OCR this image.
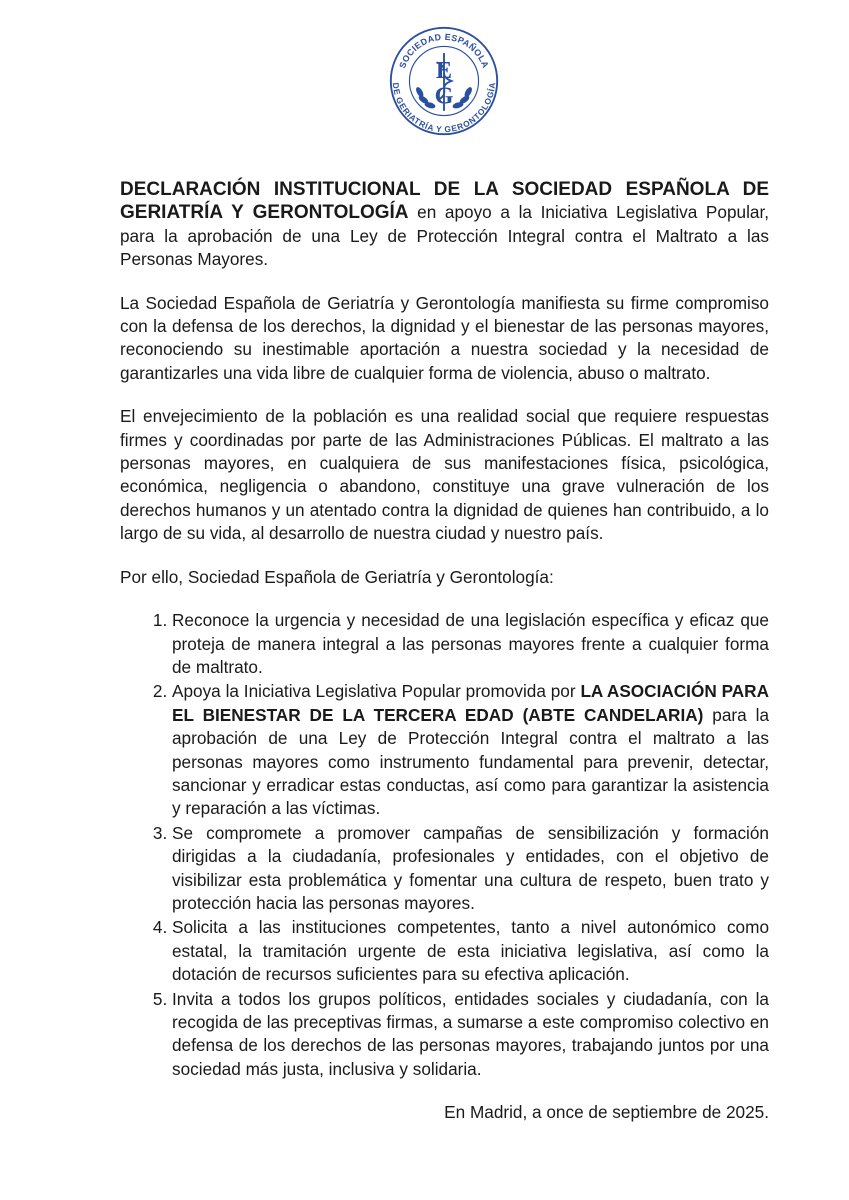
SOCIEDAD ESPAÑOLA
DE GERIATRÍA Y GERONTOLOGÍA
E
G

DECLARACIÓN INSTITUCIONAL DE LA SOCIEDAD ESPAÑOLA DE GERIATRÍA Y GERONTOLOGÍA en apoyo a la Iniciativa Legislativa Popular, para la aprobación de una Ley de Protección Integral contra el Maltrato a las Personas Mayores.

La Sociedad Española de Geriatría y Gerontología manifiesta su firme compromiso con la defensa de los derechos, la dignidad y el bienestar de las personas mayores, reconociendo su inestimable aportación a nuestra sociedad y la necesidad de garantizarles una vida libre de cualquier forma de violencia, abuso o maltrato.

El envejecimiento de la población es una realidad social que requiere respuestas firmes y coordinadas por parte de las Administraciones Públicas. El maltrato a las personas mayores, en cualquiera de sus manifestaciones física, psicológica, económica, negligencia o abandono, constituye una grave vulneración de los derechos humanos y un atentado contra la dignidad de quienes han contribuido, a lo largo de su vida, al desarrollo de nuestra ciudad y nuestro país.

Por ello, Sociedad Española de Geriatría y Gerontología:

1. Reconoce la urgencia y necesidad de una legislación específica y eficaz que proteja de manera integral a las personas mayores frente a cualquier forma de maltrato.
2. Apoya la Iniciativa Legislativa Popular promovida por LA ASOCIACIÓN PARA EL BIENESTAR DE LA TERCERA EDAD (ABTE CANDELARIA) para la aprobación de una Ley de Protección Integral contra el maltrato a las personas mayores como instrumento fundamental para prevenir, detectar, sancionar y erradicar estas conductas, así como para garantizar la asistencia y reparación a las víctimas.
3. Se compromete a promover campañas de sensibilización y formación dirigidas a la ciudadanía, profesionales y entidades, con el objetivo de visibilizar esta problemática y fomentar una cultura de respeto, buen trato y protección hacia las personas mayores.
4. Solicita a las instituciones competentes, tanto a nivel autonómico como estatal, la tramitación urgente de esta iniciativa legislativa, así como la dotación de recursos suficientes para su efectiva aplicación.
5. Invita a todos los grupos políticos, entidades sociales y ciudadanía, con la recogida de las preceptivas firmas, a sumarse a este compromiso colectivo en defensa de los derechos de las personas mayores, trabajando juntos por una sociedad más justa, inclusiva y solidaria.

En Madrid, a once de septiembre de 2025.
